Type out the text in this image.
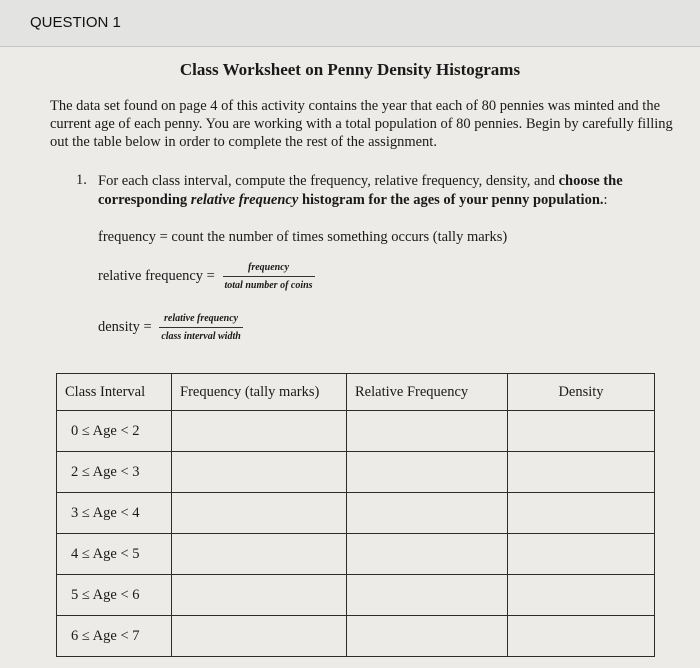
QUESTION 1
Class Worksheet on Penny Density Histograms
The data set found on page 4 of this activity contains the year that each of 80 pennies was minted and the current age of each penny. You are working with a total population of 80 pennies. Begin by carefully filling out the table below in order to complete the rest of the assignment.
1. For each class interval, compute the frequency, relative frequency, density, and choose the corresponding relative frequency histogram for the ages of your penny population.:
frequency = count the number of times something occurs (tally marks)
relative frequency = $\frac{\text{frequency}}{\text{total number of coins}}$
density = $\frac{\text{relative frequency}}{\text{class interval width}}$
Class Interval	Frequency (tally marks)	Relative Frequency	Density
0 ≤ Age < 2			
2 ≤ Age < 3			
3 ≤ Age < 4			
4 ≤ Age < 5			
5 ≤ Age < 6			
6 ≤ Age < 7			
